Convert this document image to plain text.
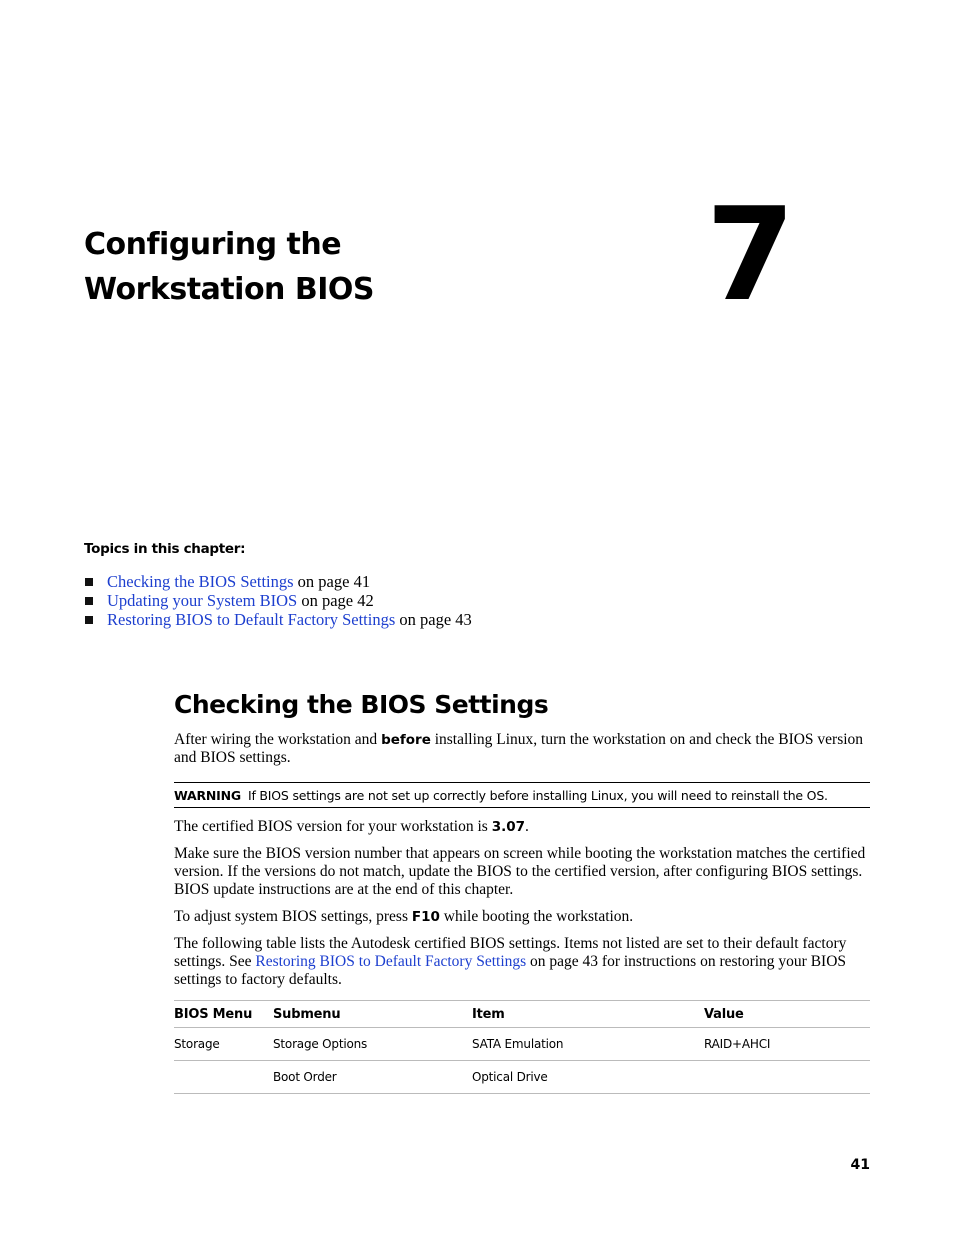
Configuring the
Workstation BIOS	7
Topics in this chapter:
Checking the BIOS Settings on page 41
Updating your System BIOS on page 42
Restoring BIOS to Default Factory Settings on page 43
Checking the BIOS Settings

After wiring the workstation and before installing Linux, turn the workstation on and check the BIOS version and BIOS settings.

WARNING If BIOS settings are not set up correctly before installing Linux, you will need to reinstall the OS.

The certified BIOS version for your workstation is 3.07.

Make sure the BIOS version number that appears on screen while booting the workstation matches the certified version. If the versions do not match, update the BIOS to the certified version, after configuring BIOS settings. BIOS update instructions are at the end of this chapter.

To adjust system BIOS settings, press F10 while booting the workstation.

The following table lists the Autodesk certified BIOS settings. Items not listed are set to their default factory settings. See Restoring BIOS to Default Factory Settings on page 43 for instructions on restoring your BIOS settings to factory defaults.

BIOS Menu	Submenu	Item	Value
Storage	Storage Options	SATA Emulation	RAID+AHCI
	Boot Order	Optical Drive	
41
